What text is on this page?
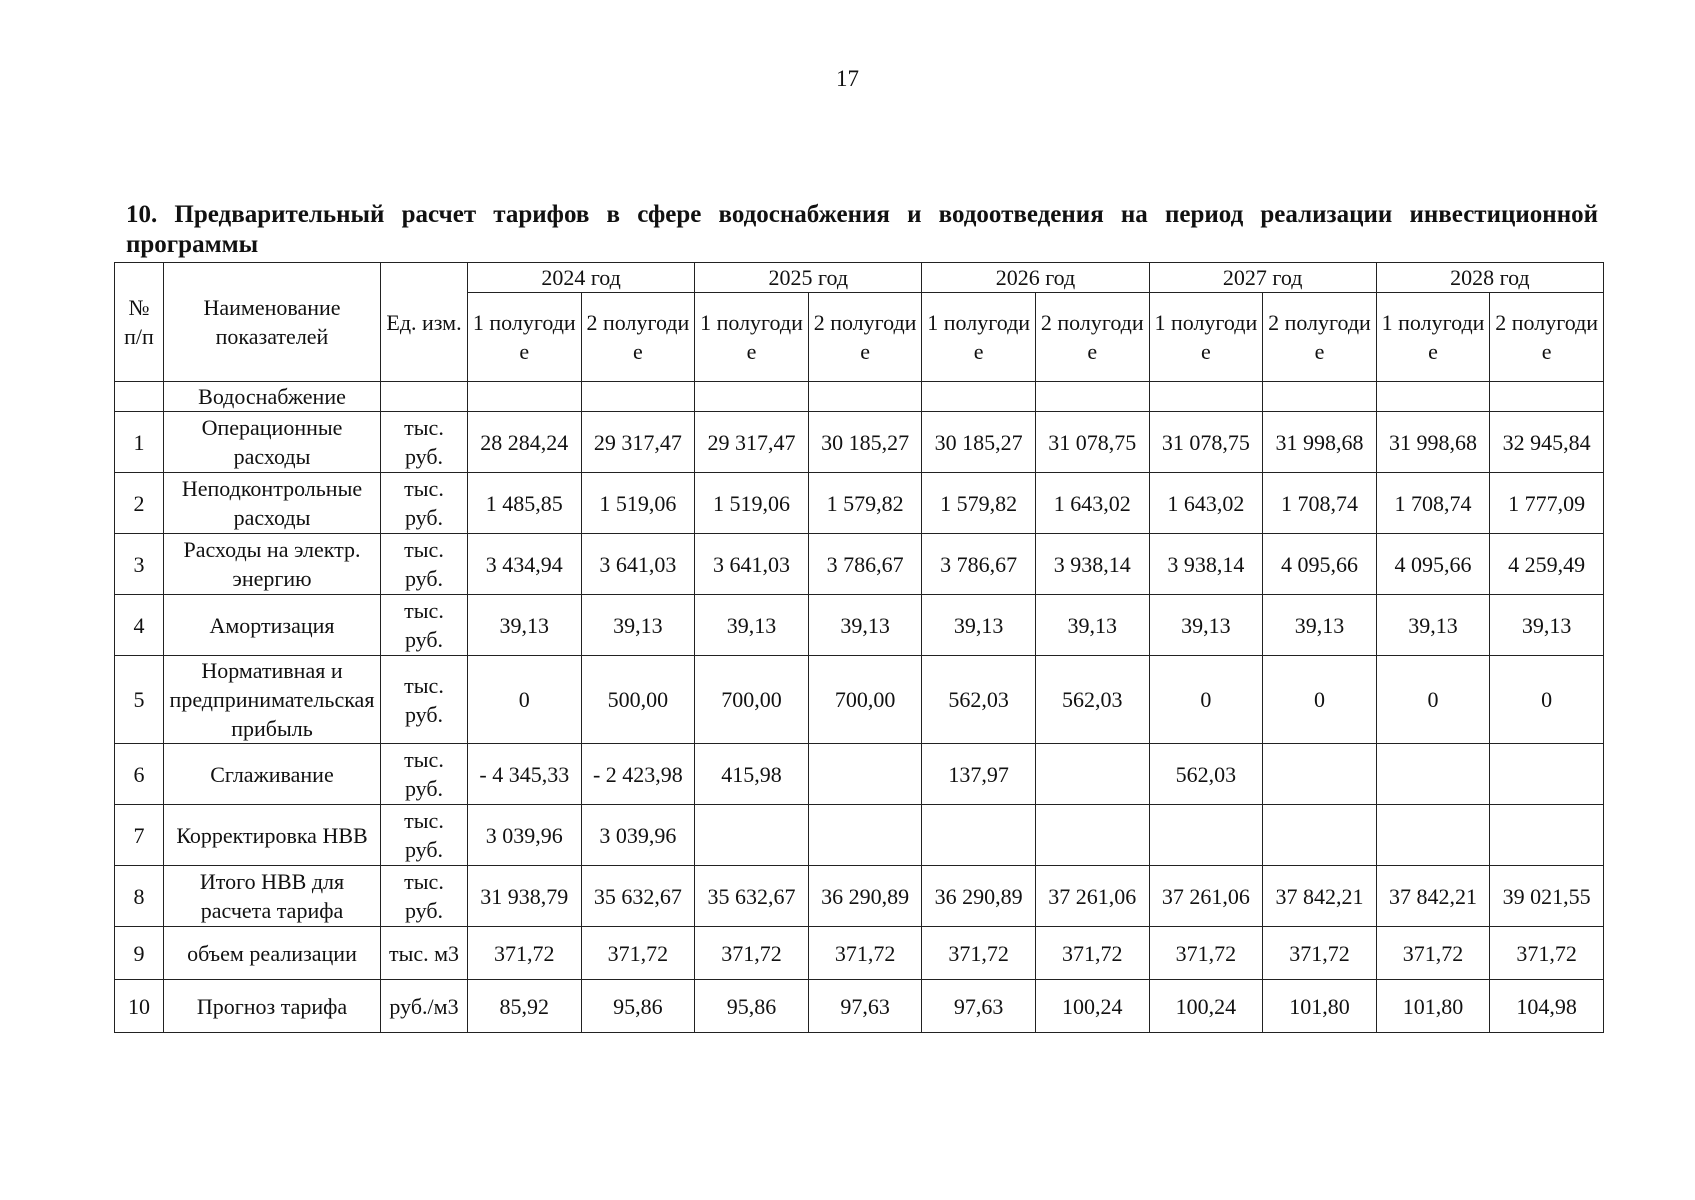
17
10. Предварительный расчет тарифов в сфере водоснабжения и водоотведения на период реализации инвестиционной программы
№ п/п	Наименование показателей	Ед. изм.	2024 год		2025 год		2026 год		2027 год		2028 год	
			1 полугодие	2 полугодие	1 полугодие	2 полугодие	1 полугодие	2 полугодие	1 полугодие	2 полугодие	1 полугодие	2 полугодие
	Водоснабжение											
1	Операционные расходы	тыс. руб.	28 284,24	29 317,47	29 317,47	30 185,27	30 185,27	31 078,75	31 078,75	31 998,68	31 998,68	32 945,84
2	Неподконтрольные расходы	тыс. руб.	1 485,85	1 519,06	1 519,06	1 579,82	1 579,82	1 643,02	1 643,02	1 708,74	1 708,74	1 777,09
3	Расходы на электр. энергию	тыс. руб.	3 434,94	3 641,03	3 641,03	3 786,67	3 786,67	3 938,14	3 938,14	4 095,66	4 095,66	4 259,49
4	Амортизация	тыс. руб.	39,13	39,13	39,13	39,13	39,13	39,13	39,13	39,13	39,13	39,13
5	Нормативная и предпринимательская прибыль	тыс. руб.	0	500,00	700,00	700,00	562,03	562,03	0	0	0	0
6	Сглаживание	тыс. руб.	- 4 345,33	- 2 423,98	415,98		137,97		562,03			
7	Корректировка НВВ	тыс. руб.	3 039,96	3 039,96								
8	Итого НВВ для расчета тарифа	тыс. руб.	31 938,79	35 632,67	35 632,67	36 290,89	36 290,89	37 261,06	37 261,06	37 842,21	37 842,21	39 021,55
9	объем реализации	тыс. м3	371,72	371,72	371,72	371,72	371,72	371,72	371,72	371,72	371,72	371,72
10	Прогноз тарифа	руб./м3	85,92	95,86	95,86	97,63	97,63	100,24	100,24	101,80	101,80	104,98
